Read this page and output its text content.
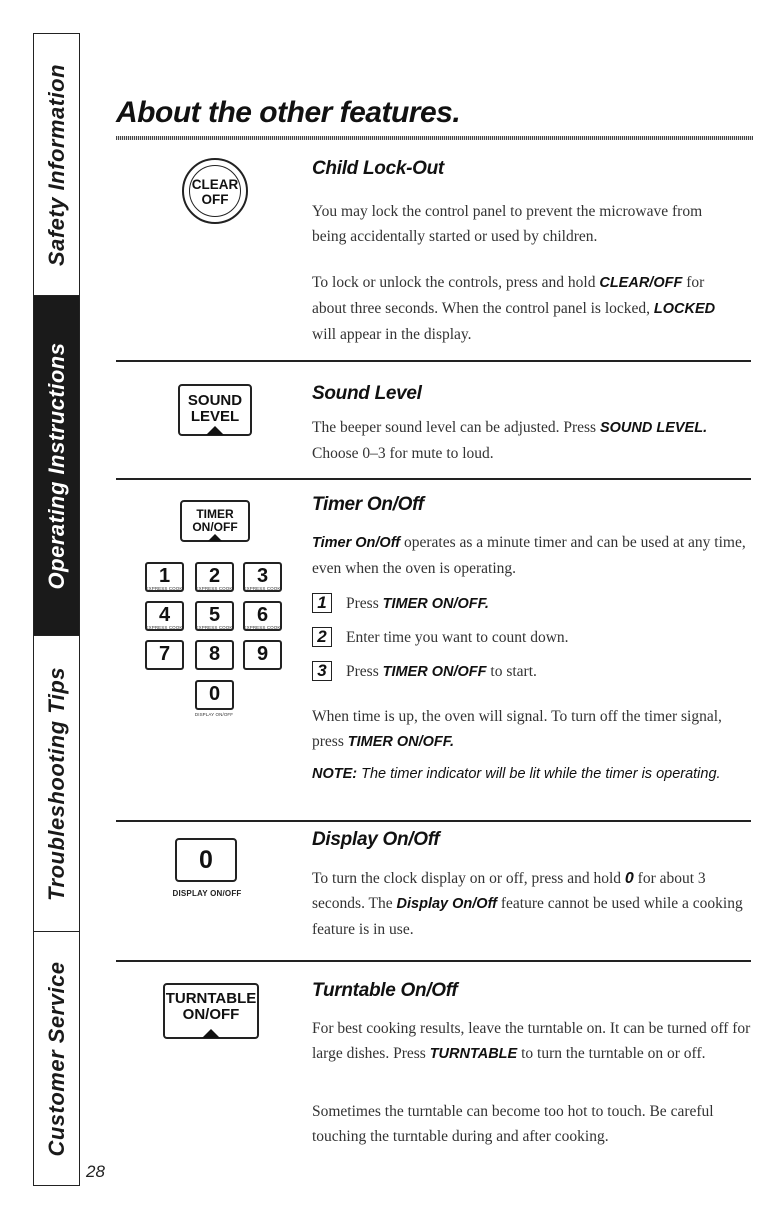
Safety Information
Operating Instructions
Troubleshooting Tips
Customer Service
28
About the other features.
CLEAR
OFF
Child Lock-Out

You may lock the control panel to prevent the microwave from being accidentally started or used by children.

To lock or unlock the controls, press and hold CLEAR/OFF for about three seconds. When the control panel is locked, LOCKED will appear in the display.

SOUND
LEVEL
Sound Level

The beeper sound level can be adjusted. Press SOUND LEVEL. Choose 0–3 for mute to loud.

TIMER
ON/OFF
1	2	3
EXPRESS COOK	EXPRESS COOK	EXPRESS COOK
4	5	6
EXPRESS COOK	EXPRESS COOK	EXPRESS COOK
7	8	9
0
DISPLAY ON/OFF
Timer On/Off

Timer On/Off operates as a minute timer and can be used at any time, even when the oven is operating.

1	Press TIMER ON/OFF.
2	Enter time you want to count down.
3	Press TIMER ON/OFF to start.

When time is up, the oven will signal. To turn off the timer signal, press TIMER ON/OFF.

NOTE: The timer indicator will be lit while the timer is operating.

0
DISPLAY ON/OFF
Display On/Off

To turn the clock display on or off, press and hold 0 for about 3 seconds. The Display On/Off feature cannot be used while a cooking feature is in use.

TURNTABLE
ON/OFF
Turntable On/Off

For best cooking results, leave the turntable on. It can be turned off for large dishes. Press TURNTABLE to turn the turntable on or off.

Sometimes the turntable can become too hot to touch. Be careful touching the turntable during and after cooking.
